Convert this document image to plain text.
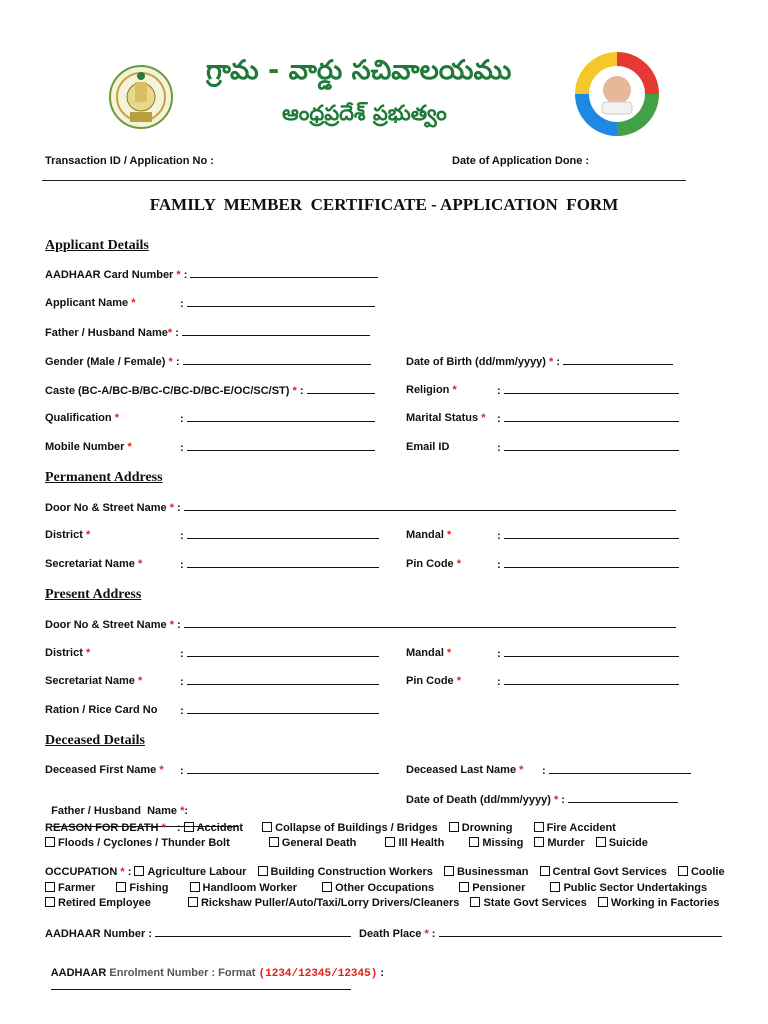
గ్రామ - వార్డు సచివాలయము
ఆంధ్రప్రదేశ్ ప్రభుత్వం
Transaction ID / Application No :	Date of Application Done :
FAMILY  MEMBER  CERTIFICATE - APPLICATION  FORM
Applicant Details
AADHAAR Card Number * :
Applicant Name *	:
Father / Husband Name* :
Gender (Male / Female) * :	Date of Birth (dd/mm/yyyy) * :
Caste (BC-A/BC-B/BC-C/BC-D/BC-E/OC/SC/ST) * :	Religion *	:
Qualification *	:	Marital Status * :
Mobile Number *	:	Email ID	:
Permanent Address
Door No & Street Name * :
District *	:	Mandal *	:
Secretariat Name *	:	Pin Code *	:
Present Address
Door No & Street Name * :
District *	:	Mandal *	:
Secretariat Name *	:	Pin Code *	:
Ration / Rice Card No :
Deceased Details
Deceased First Name * :	Deceased Last Name * :

Father / Husband  Name *:

Date of Death (dd/mm/yyyy) * :
REASON FOR DEATH * : Accident	Collapse of Buildings / Bridges Drowning	Fire Accident
Floods / Cyclones / Thunder Bolt	General Death	Ill Health	Missing Murder Suicide
OCCUPATION * : Agriculture Labour Building Construction Workers Businessman Central Govt Services Coolie
Farmer	Fishing	Handloom Worker	Other Occupations	Pensioner	Public Sector Undertakings
Retired Employee	Rickshaw Puller/Auto/Taxi/Lorry Drivers/Cleaners State Govt Services Working in Factories
AADHAAR Number :	Death Place * :

AADHAAR Enrolment Number : Format (1234/12345/12345) :
